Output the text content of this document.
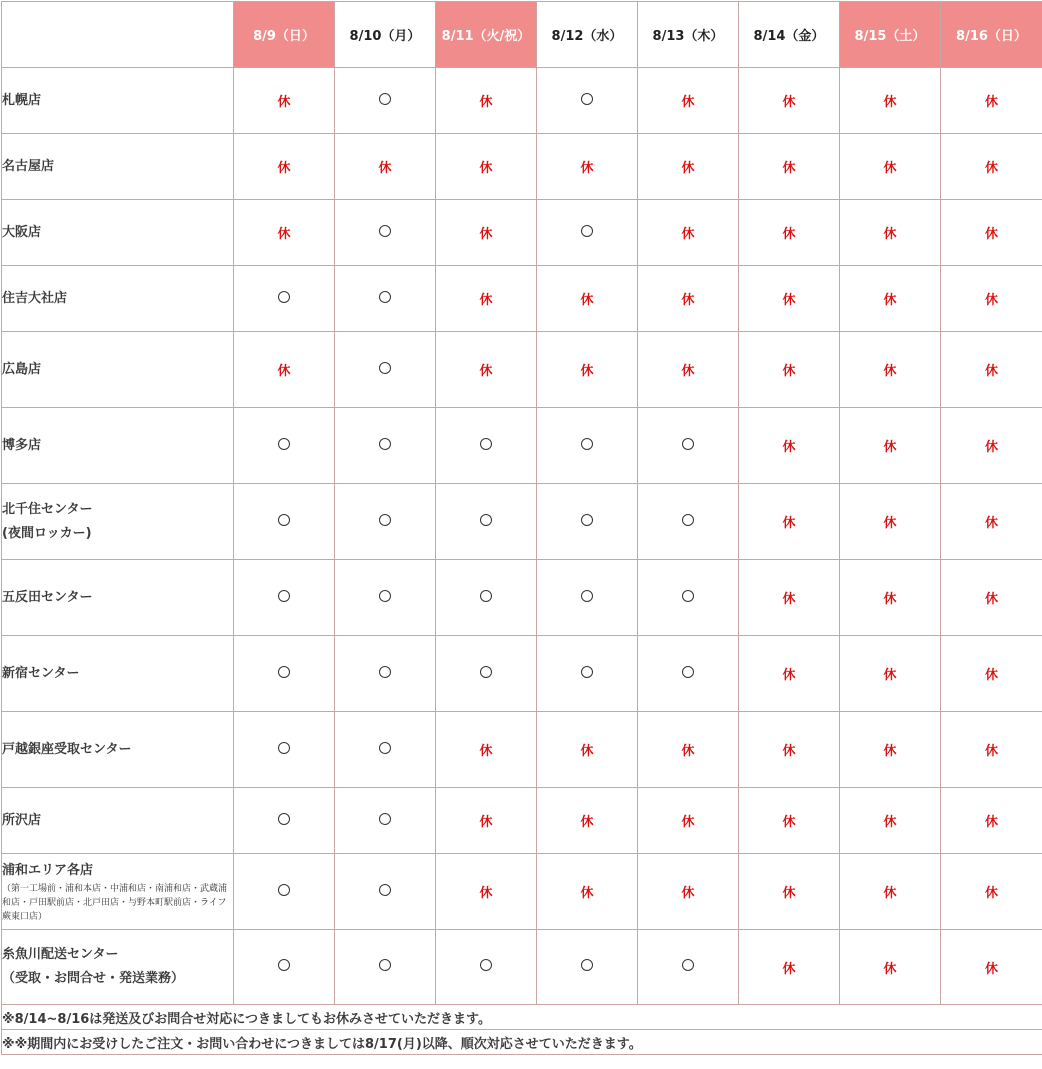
	8/9（日）	8/10（月）	8/11（火/祝）	8/12（水）	8/13（木）	8/14（金）	8/15（土）	8/16（日）
札幌店	休		休		休	休	休	休
名古屋店	休	休	休	休	休	休	休	休
大阪店	休		休		休	休	休	休
住吉大社店			休	休	休	休	休	休
広島店	休		休	休	休	休	休	休
博多店						休	休	休
北千住センター
(夜間ロッカー)						休	休	休
五反田センター						休	休	休
新宿センター						休	休	休
戸越銀座受取センター			休	休	休	休	休	休
所沢店			休	休	休	休	休	休
浦和エリア各店
（第一工場前・浦和本店・中浦和店・南浦和店・武蔵浦和店・戸田駅前店・北戸田店・与野本町駅前店・ライフ蕨東口店）			休	休	休	休	休	休
糸魚川配送センター
（受取・お問合せ・発送業務）						休	休	休
※8/14~8/16は発送及びお問合せ対応につきましてもお休みさせていただきます。								
※※期間内にお受けしたご注文・お問い合わせにつきましては8/17(月)以降、順次対応させていただきます。								
